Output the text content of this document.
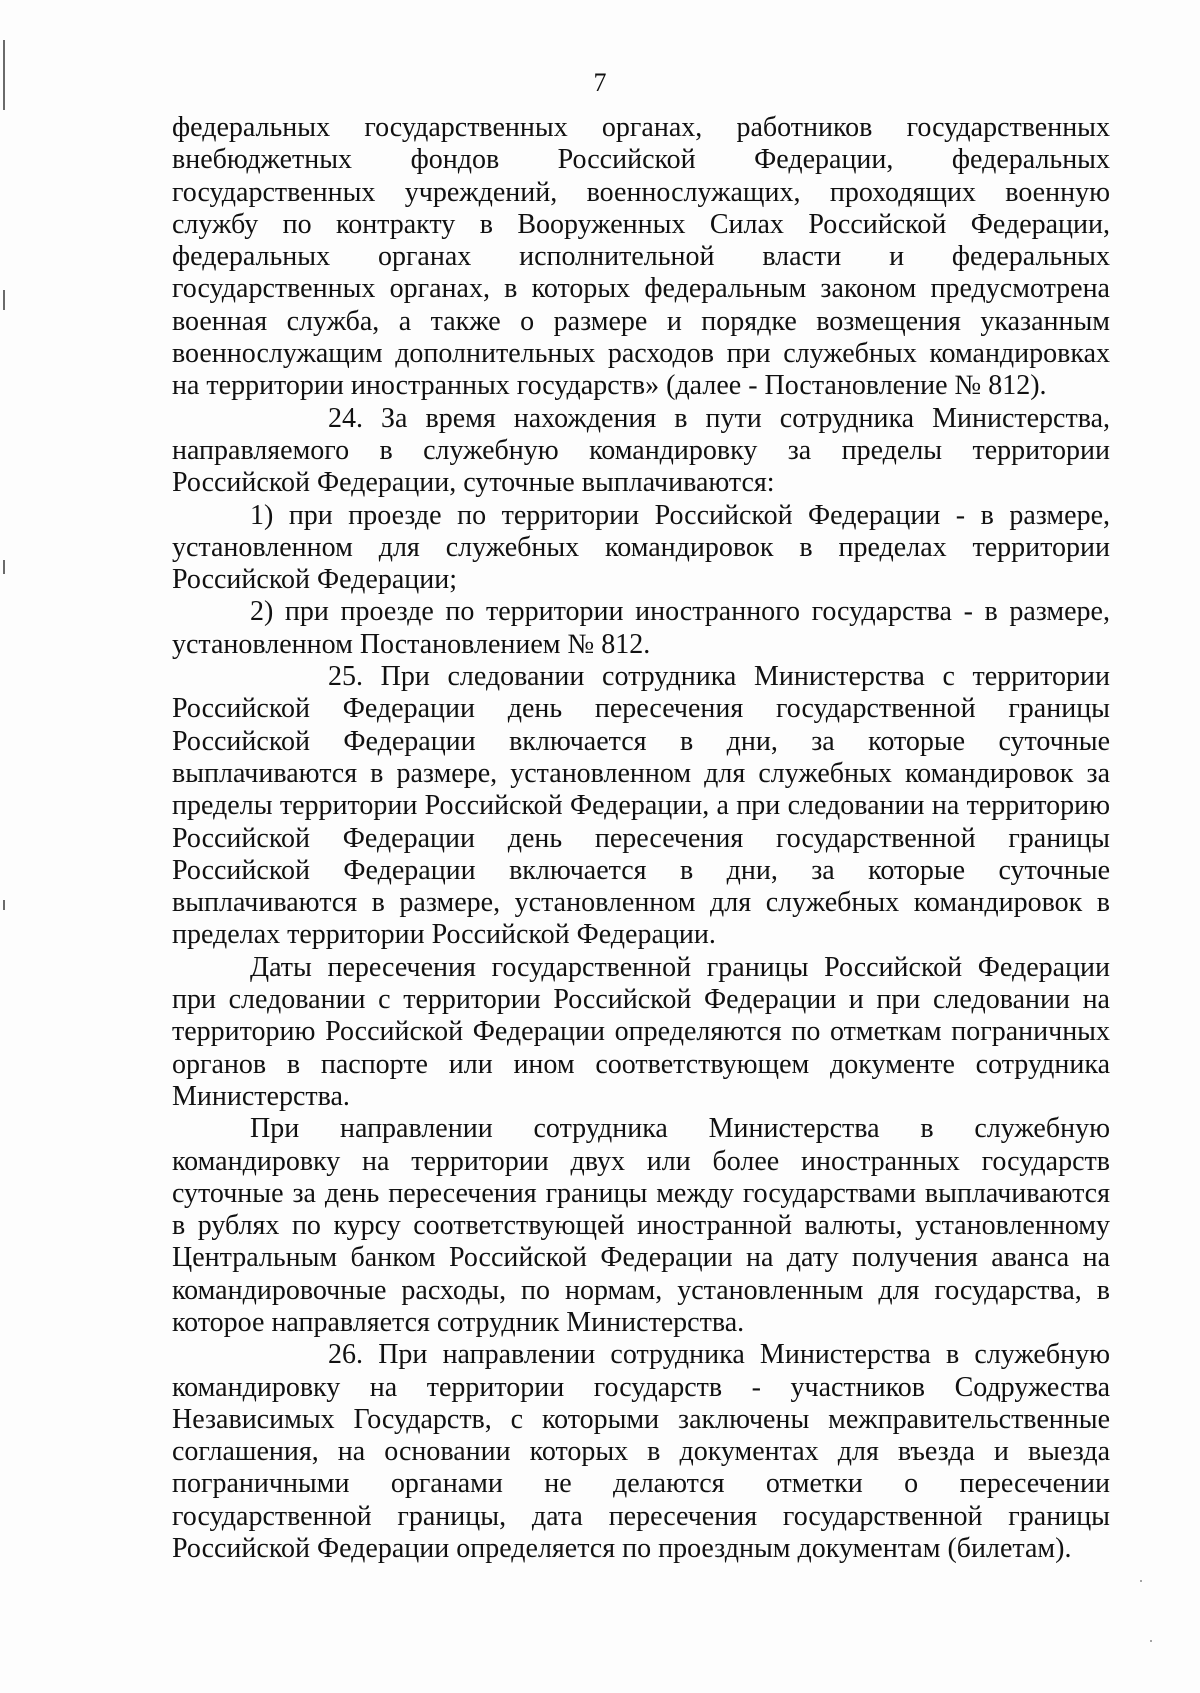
7

федеральных государственных органах, работников государственных внебюджетных фондов Российской Федерации, федеральных государственных учреждений, военнослужащих, проходящих военную службу по контракту в Вооруженных Силах Российской Федерации, федеральных органах исполнительной власти и федеральных государственных органах, в которых федеральным законом предусмотрена военная служба, а также о размере и порядке возмещения указанным военнослужащим дополнительных расходов при служебных командировках на территории иностранных государств» (далее - Постановление № 812).

24. За время нахождения в пути сотрудника Министерства, направляемого в служебную командировку за пределы территории Российской Федерации, суточные выплачиваются:

1) при проезде по территории Российской Федерации - в размере, установленном для служебных командировок в пределах территории Российской Федерации;

2) при проезде по территории иностранного государства - в размере, установленном Постановлением № 812.

25. При следовании сотрудника Министерства с территории Российской Федерации день пересечения государственной границы Российской Федерации включается в дни, за которые суточные выплачиваются в размере, установленном для служебных командировок за пределы территории Российской Федерации, а при следовании на территорию Российской Федерации день пересечения государственной границы Российской Федерации включается в дни, за которые суточные выплачиваются в размере, установленном для служебных командировок в пределах территории Российской Федерации.

Даты пересечения государственной границы Российской Федерации при следовании с территории Российской Федерации и при следовании на территорию Российской Федерации определяются по отметкам пограничных органов в паспорте или ином соответствующем документе сотрудника Министерства.

При направлении сотрудника Министерства в служебную командировку на территории двух или более иностранных государств суточные за день пересечения границы между государствами выплачиваются в рублях по курсу соответствующей иностранной валюты, установленному Центральным банком Российской Федерации на дату получения аванса на командировочные расходы, по нормам, установленным для государства, в которое направляется сотрудник Министерства.

26. При направлении сотрудника Министерства в служебную командировку на территории государств - участников Содружества Независимых Государств, с которыми заключены межправительственные соглашения, на основании которых в документах для въезда и выезда пограничными органами не делаются отметки о пересечении государственной границы, дата пересечения государственной границы Российской Федерации определяется по проездным документам (билетам).
